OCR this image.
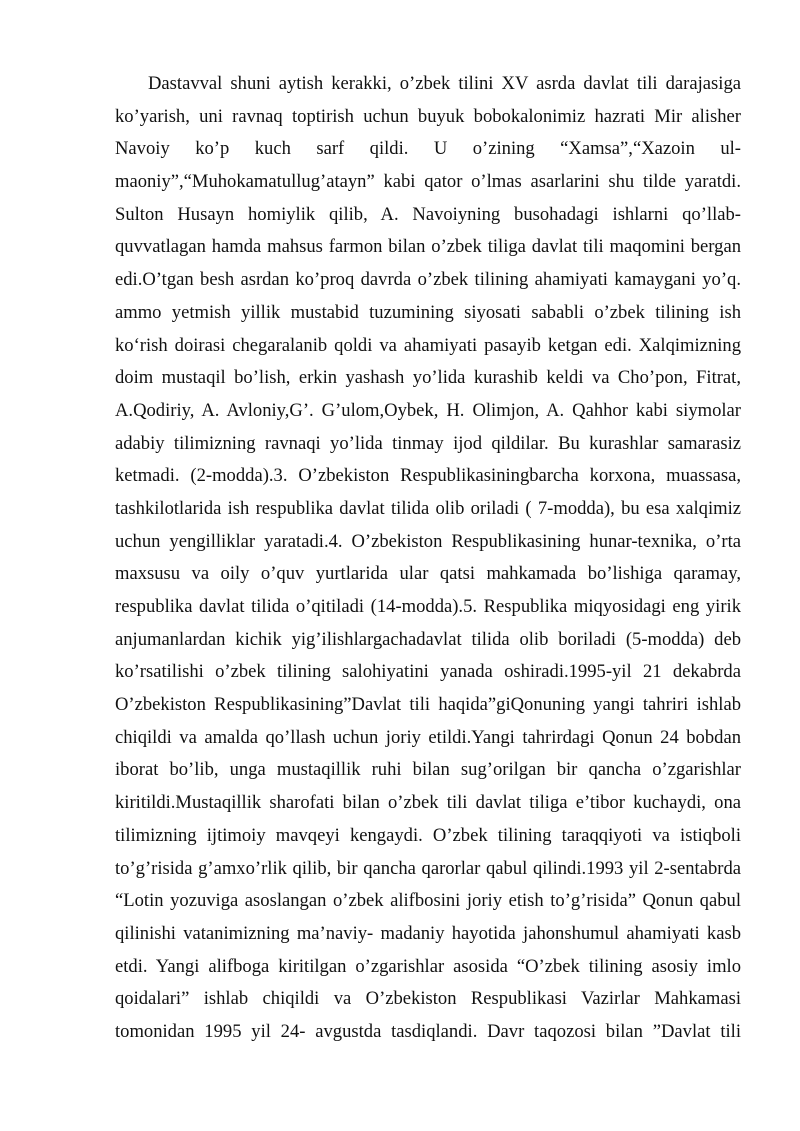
Dastavval shuni aytish kerakki, o’zbek tilini XV asrda davlat tili darajasiga
ko’yarish, uni ravnaq toptirish uchun buyuk bobokalonimiz hazrati Mir alisher
Navoiy ko’p kuch sarf qildi. U o’zining “Xamsa”,“Xazoin ul-
maoniy”,“Muhokamatullug’atayn” kabi qator o’lmas asarlarini shu tilde yaratdi.
Sulton Husayn homiylik qilib, A. Navoiyning busohadagi ishlarni qo’llab-
quvvatlagan hamda mahsus farmon bilan o’zbek tiliga davlat tili maqomini bergan
edi.O’tgan besh asrdan ko’proq davrda o’zbek tilining ahamiyati kamaygani yo’q.
ammo yetmish yillik mustabid tuzumining siyosati sababli o’zbek tilining ish
ko‘rish doirasi chegaralanib qoldi va ahamiyati pasayib ketgan edi. Xalqimizning
doim mustaqil bo’lish, erkin yashash yo’lida kurashib keldi va Cho’pon, Fitrat,
A.Qodiriy, A. Avloniy,G’. G’ulom,Oybek, H. Olimjon, A. Qahhor kabi siymolar
adabiy tilimizning ravnaqi yo’lida tinmay ijod qildilar. Bu kurashlar samarasiz
ketmadi. (2-modda).3. O’zbekiston Respublikasiningbarcha korxona, muassasa,
tashkilotlarida ish respublika davlat tilida olib oriladi ( 7-modda), bu esa xalqimiz
uchun yengilliklar yaratadi.4. O’zbekiston Respublikasining hunar-texnika, o’rta
maxsusu va oily o’quv yurtlarida ular qatsi mahkamada bo’lishiga qaramay,
respublika davlat tilida o’qitiladi (14-modda).5. Respublika miqyosidagi eng yirik
anjumanlardan kichik yig’ilishlargachadavlat tilida olib boriladi (5-modda) deb
ko’rsatilishi o’zbek tilining salohiyatini yanada oshiradi.1995-yil 21 dekabrda
O’zbekiston Respublikasining”Davlat tili haqida”giQonuning yangi tahriri ishlab
chiqildi va amalda qo’llash uchun joriy etildi.Yangi tahrirdagi Qonun 24 bobdan
iborat bo’lib, unga mustaqillik ruhi bilan sug’orilgan bir qancha o’zgarishlar
kiritildi.Mustaqillik sharofati bilan o’zbek tili davlat tiliga e’tibor kuchaydi, ona
tilimizning ijtimoiy mavqeyi kengaydi. O’zbek tilining taraqqiyoti va istiqboli
to’g’risida g’amxo’rlik qilib, bir qancha qarorlar qabul qilindi.1993 yil 2-sentabrda
“Lotin yozuviga asoslangan o’zbek alifbosini joriy etish to’g’risida” Qonun qabul
qilinishi vatanimizning ma’naviy- madaniy hayotida jahonshumul ahamiyati kasb
etdi. Yangi alifboga kiritilgan o’zgarishlar asosida “O’zbek tilining asosiy imlo
qoidalari” ishlab chiqildi va O’zbekiston Respublikasi Vazirlar Mahkamasi
tomonidan 1995 yil 24- avgustda tasdiqlandi. Davr taqozosi bilan ”Davlat tili
